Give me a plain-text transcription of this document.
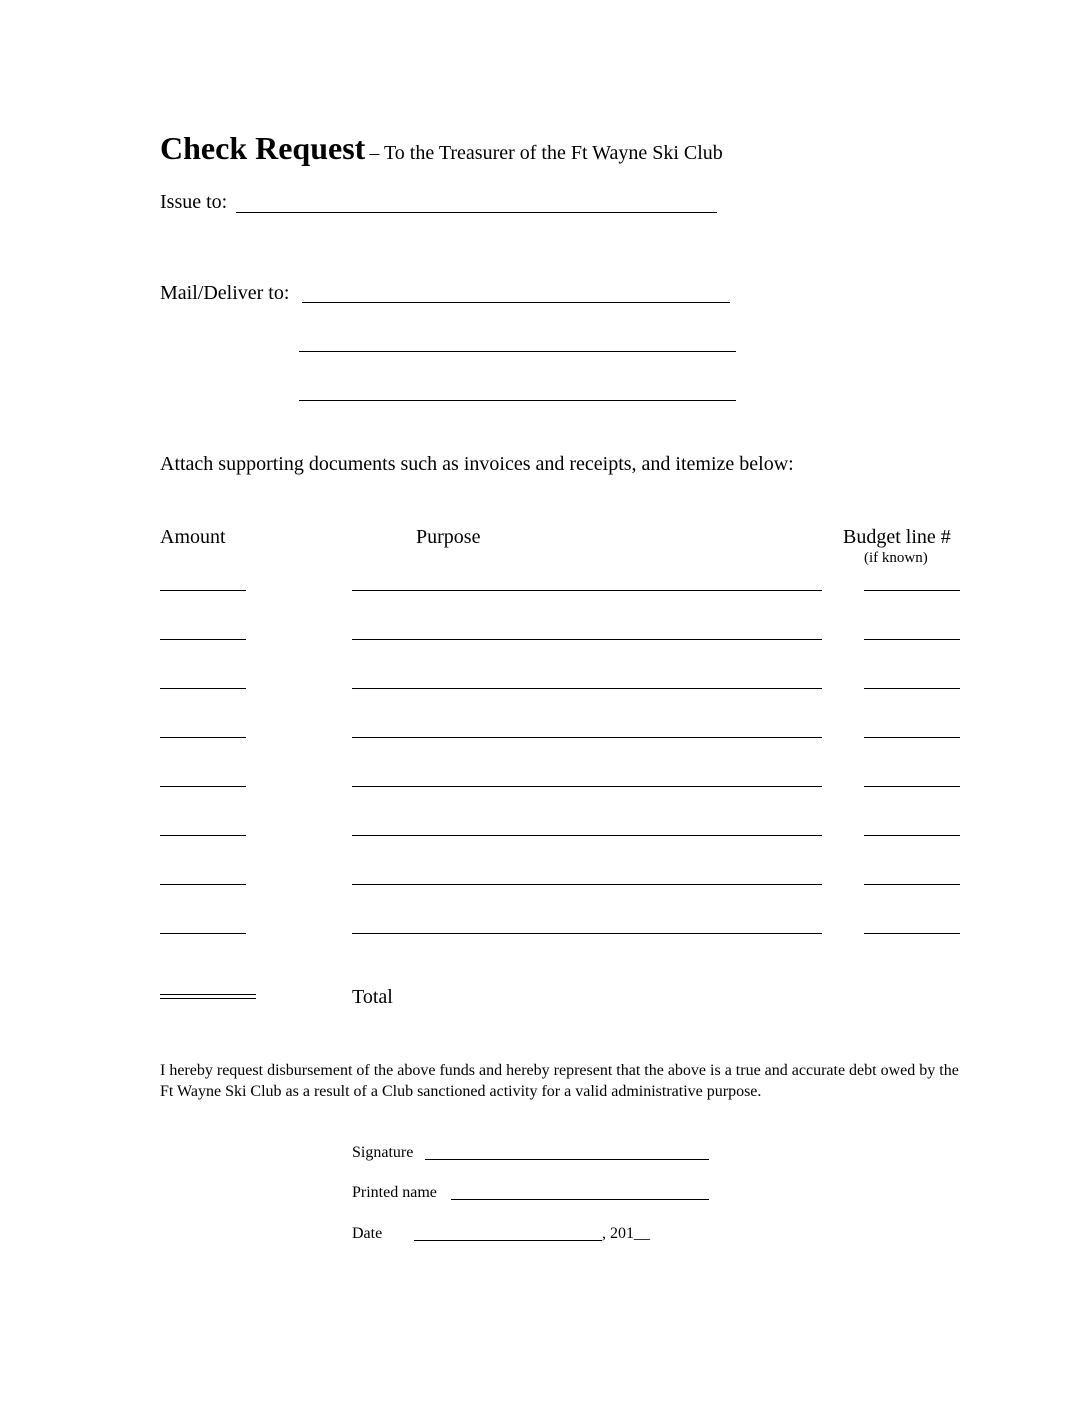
Check Request – To the Treasurer of the Ft Wayne Ski Club
Issue to:
Mail/Deliver to:
Attach supporting documents such as invoices and receipts, and itemize below:
Amount	Purpose	Budget line #
(if known)
Total
I hereby request disbursement of the above funds and hereby represent that the above is a true and accurate debt owed by the Ft Wayne Ski Club as a result of a Club sanctioned activity for a valid administrative purpose.
Signature
Printed name
Date	, 201__
